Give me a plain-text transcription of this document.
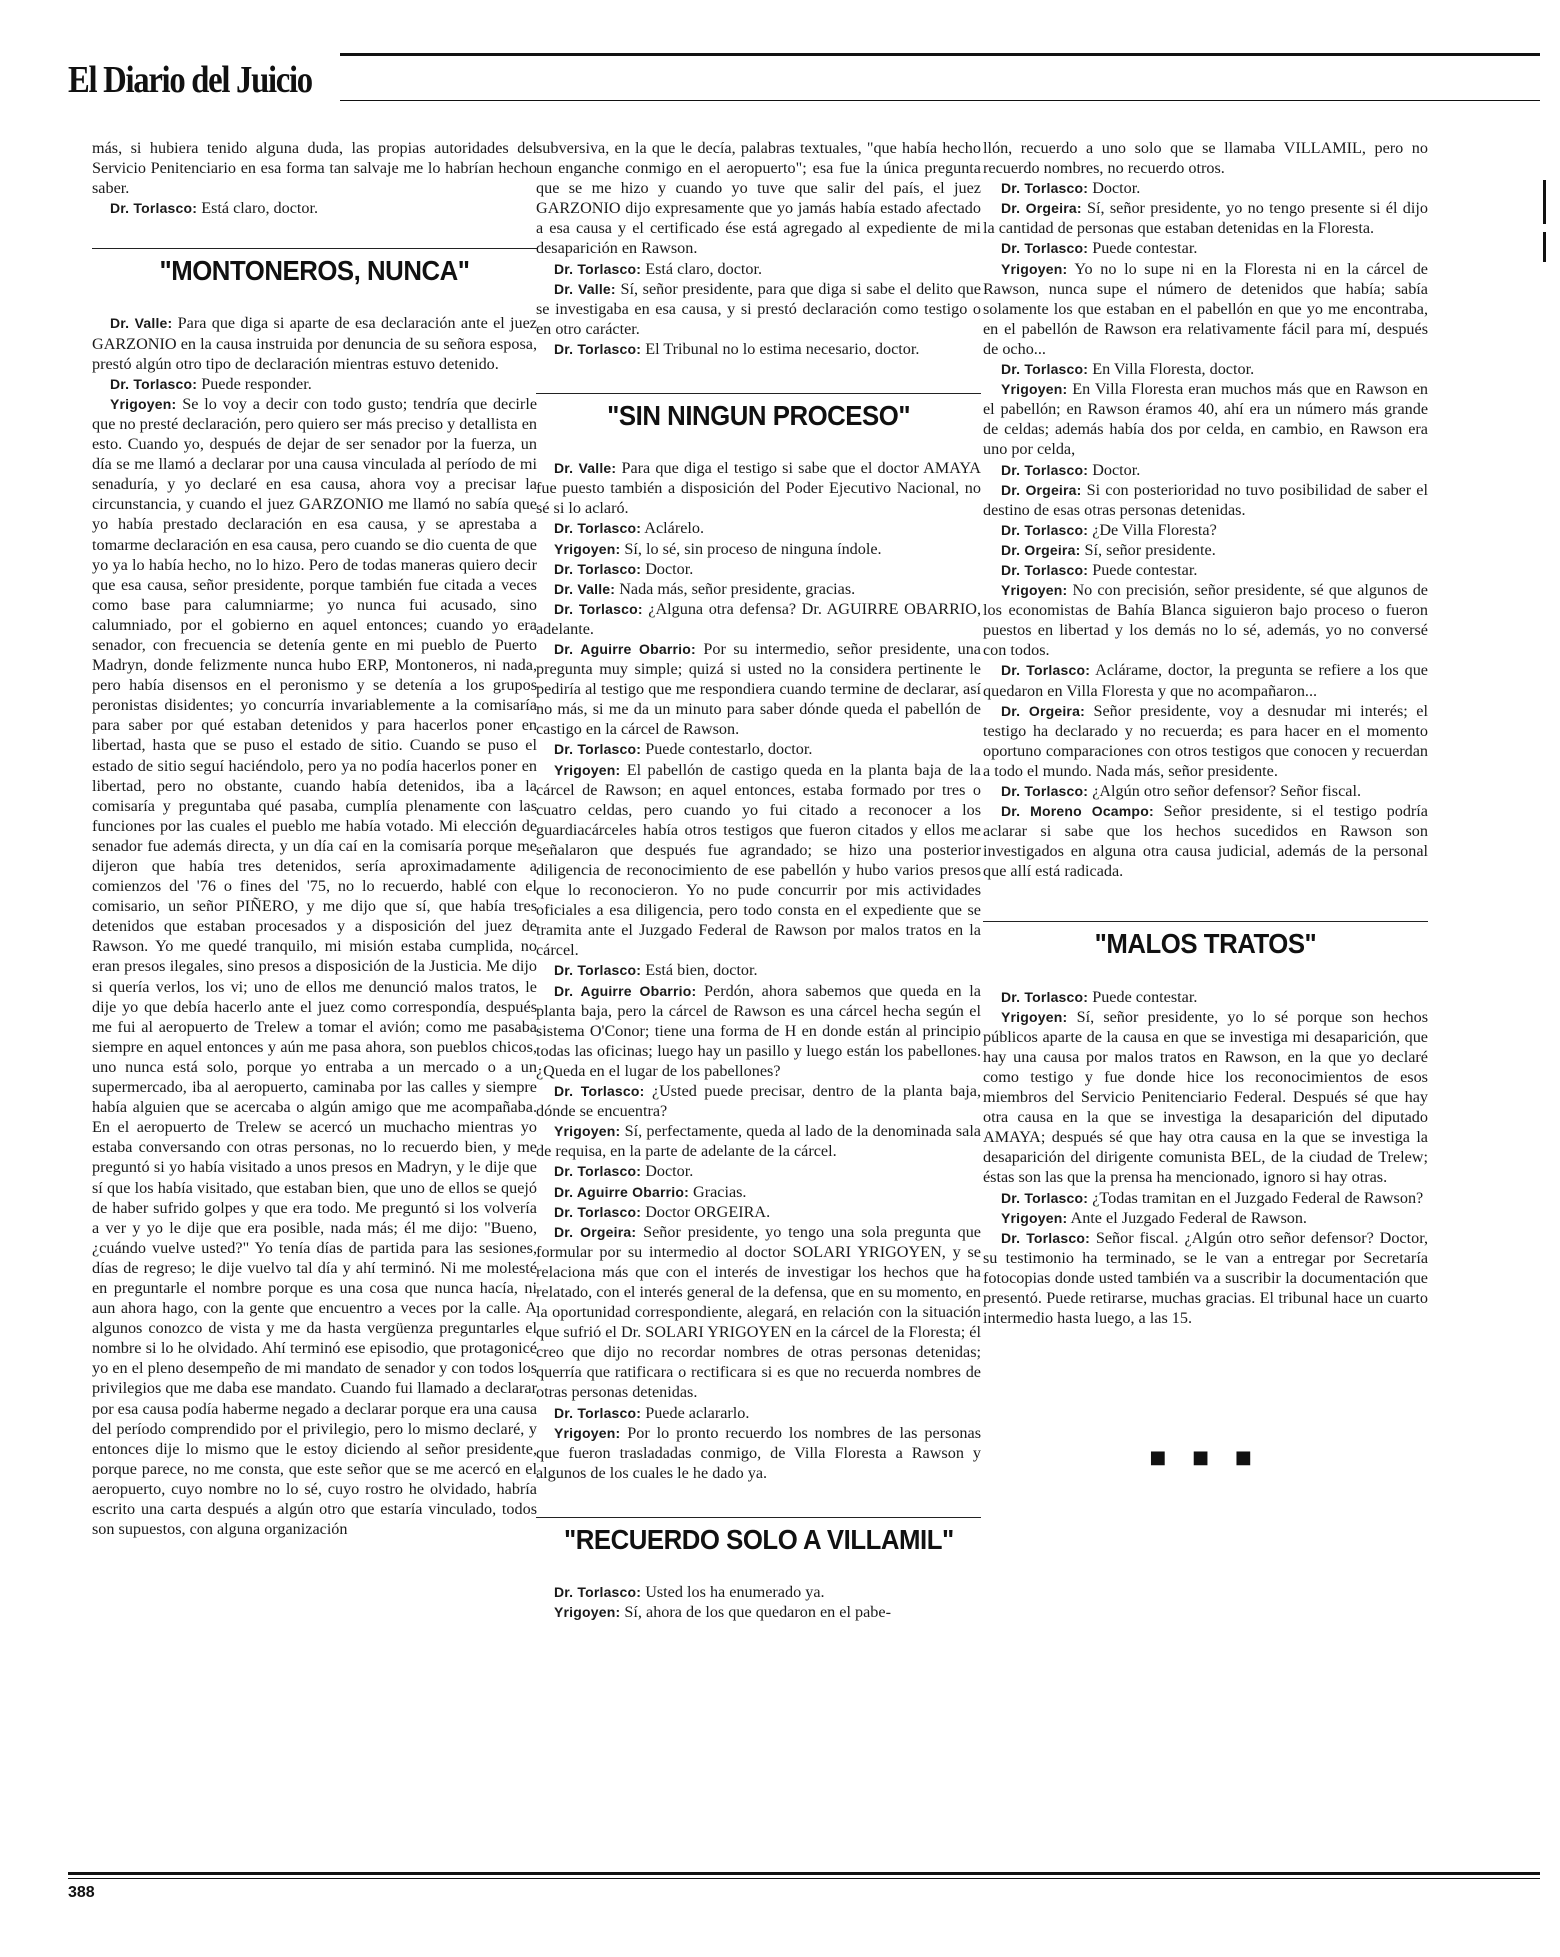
El Diario del Juicio

más, si hubiera tenido alguna duda, las propias autoridades del Servicio Penitenciario en esa forma tan salvaje me lo habrían hecho saber.

Dr. Torlasco: Está claro, doctor.

"MONTONEROS, NUNCA"

Dr. Valle: Para que diga si aparte de esa declaración ante el juez GARZONIO en la causa instruida por denuncia de su señora esposa, prestó algún otro tipo de declaración mientras estuvo detenido.

Dr. Torlasco: Puede responder.

Yrigoyen: Se lo voy a decir con todo gusto; tendría que decirle que no presté declaración, pero quiero ser más preciso y detallista en esto. Cuando yo, después de dejar de ser senador por la fuerza, un día se me llamó a declarar por una causa vinculada al período de mi senaduría, y yo declaré en esa causa, ahora voy a precisar la circunstancia, y cuando el juez GARZONIO me llamó no sabía que yo había prestado declaración en esa causa, y se aprestaba a tomarme declaración en esa causa, pero cuando se dio cuenta de que yo ya lo había hecho, no lo hizo. Pero de todas maneras quiero decir que esa causa, señor presidente, porque también fue citada a veces como base para calumniarme; yo nunca fui acusado, sino calumniado, por el gobierno en aquel entonces; cuando yo era senador, con frecuencia se detenía gente en mi pueblo de Puerto Madryn, donde felizmente nunca hubo ERP, Montoneros, ni nada, pero había disensos en el peronismo y se detenía a los grupos peronistas disidentes; yo concurría invariablemente a la comisaría para saber por qué estaban detenidos y para hacerlos poner en libertad, hasta que se puso el estado de sitio. Cuando se puso el estado de sitio seguí haciéndolo, pero ya no podía hacerlos poner en libertad, pero no obstante, cuando había detenidos, iba a la comisaría y preguntaba qué pasaba, cumplía plenamente con las funciones por las cuales el pueblo me había votado. Mi elección de senador fue además directa, y un día caí en la comisaría porque me dijeron que había tres detenidos, sería aproximadamente a comienzos del '76 o fines del '75, no lo recuerdo, hablé con el comisario, un señor PIÑERO, y me dijo que sí, que había tres detenidos que estaban procesados y a disposición del juez de Rawson. Yo me quedé tranquilo, mi misión estaba cumplida, no eran presos ilegales, sino presos a disposición de la Justicia. Me dijo si quería verlos, los vi; uno de ellos me denunció malos tratos, le dije yo que debía hacerlo ante el juez como correspondía, después me fui al aeropuerto de Trelew a tomar el avión; como me pasaba siempre en aquel entonces y aún me pasa ahora, son pueblos chicos, uno nunca está solo, porque yo entraba a un mercado o a un supermercado, iba al aeropuerto, caminaba por las calles y siempre había alguien que se acercaba o algún amigo que me acompañaba. En el aeropuerto de Trelew se acercó un muchacho mientras yo estaba conversando con otras personas, no lo recuerdo bien, y me preguntó si yo había visitado a unos presos en Madryn, y le dije que sí que los había visitado, que estaban bien, que uno de ellos se quejó de haber sufrido golpes y que era todo. Me preguntó si los volvería a ver y yo le dije que era posible, nada más; él me dijo: "Bueno, ¿cuándo vuelve usted?" Yo tenía días de partida para las sesiones, días de regreso; le dije vuelvo tal día y ahí terminó. Ni me molesté en preguntarle el nombre porque es una cosa que nunca hacía, ni aun ahora hago, con la gente que encuentro a veces por la calle. A algunos conozco de vista y me da hasta vergüenza preguntarles el nombre si lo he olvidado. Ahí terminó ese episodio, que protagonicé yo en el pleno desempeño de mi mandato de senador y con todos los privilegios que me daba ese mandato. Cuando fui llamado a declarar por esa causa podía haberme negado a declarar porque era una causa del período comprendido por el privilegio, pero lo mismo declaré, y entonces dije lo mismo que le estoy diciendo al señor presidente, porque parece, no me consta, que este señor que se me acercó en el aeropuerto, cuyo nombre no lo sé, cuyo rostro he olvidado, habría escrito una carta después a algún otro que estaría vinculado, todos son supuestos, con alguna organización

subversiva, en la que le decía, palabras textuales, "que había hecho un enganche conmigo en el aeropuerto"; esa fue la única pregunta que se me hizo y cuando yo tuve que salir del país, el juez GARZONIO dijo expresamente que yo jamás había estado afectado a esa causa y el certificado ése está agregado al expediente de mi desaparición en Rawson.

Dr. Torlasco: Está claro, doctor.

Dr. Valle: Sí, señor presidente, para que diga si sabe el delito que se investigaba en esa causa, y si prestó declaración como testigo o en otro carácter.

Dr. Torlasco: El Tribunal no lo estima necesario, doctor.

"SIN NINGUN PROCESO"

Dr. Valle: Para que diga el testigo si sabe que el doctor AMAYA fue puesto también a disposición del Poder Ejecutivo Nacional, no sé si lo aclaró.

Dr. Torlasco: Aclárelo.

Yrigoyen: Sí, lo sé, sin proceso de ninguna índole.

Dr. Torlasco: Doctor.

Dr. Valle: Nada más, señor presidente, gracias.

Dr. Torlasco: ¿Alguna otra defensa? Dr. AGUIRRE OBARRIO, adelante.

Dr. Aguirre Obarrio: Por su intermedio, señor presidente, una pregunta muy simple; quizá si usted no la considera pertinente le pediría al testigo que me respondiera cuando termine de declarar, así no más, si me da un minuto para saber dónde queda el pabellón de castigo en la cárcel de Rawson.

Dr. Torlasco: Puede contestarlo, doctor.

Yrigoyen: El pabellón de castigo queda en la planta baja de la cárcel de Rawson; en aquel entonces, estaba formado por tres o cuatro celdas, pero cuando yo fui citado a reconocer a los guardiacárceles había otros testigos que fueron citados y ellos me señalaron que después fue agrandado; se hizo una posterior diligencia de reconocimiento de ese pabellón y hubo varios presos que lo reconocieron. Yo no pude concurrir por mis actividades oficiales a esa diligencia, pero todo consta en el expediente que se tramita ante el Juzgado Federal de Rawson por malos tratos en la cárcel.

Dr. Torlasco: Está bien, doctor.

Dr. Aguirre Obarrio: Perdón, ahora sabemos que queda en la planta baja, pero la cárcel de Rawson es una cárcel hecha según el sistema O'Conor; tiene una forma de H en donde están al principio todas las oficinas; luego hay un pasillo y luego están los pabellones. ¿Queda en el lugar de los pabellones?

Dr. Torlasco: ¿Usted puede precisar, dentro de la planta baja, dónde se encuentra?

Yrigoyen: Sí, perfectamente, queda al lado de la denominada sala de requisa, en la parte de adelante de la cárcel.

Dr. Torlasco: Doctor.

Dr. Aguirre Obarrio: Gracias.

Dr. Torlasco: Doctor ORGEIRA.

Dr. Orgeira: Señor presidente, yo tengo una sola pregunta que formular por su intermedio al doctor SOLARI YRIGOYEN, y se relaciona más que con el interés de investigar los hechos que ha relatado, con el interés general de la defensa, que en su momento, en la oportunidad correspondiente, alegará, en relación con la situación que sufrió el Dr. SOLARI YRIGOYEN en la cárcel de la Floresta; él creo que dijo no recordar nombres de otras personas detenidas; querría que ratificara o rectificara si es que no recuerda nombres de otras personas detenidas.

Dr. Torlasco: Puede aclararlo.

Yrigoyen: Por lo pronto recuerdo los nombres de las personas que fueron trasladadas conmigo, de Villa Floresta a Rawson y algunos de los cuales le he dado ya.

"RECUERDO SOLO A VILLAMIL"

Dr. Torlasco: Usted los ha enumerado ya.

Yrigoyen: Sí, ahora de los que quedaron en el pabe-

llón, recuerdo a uno solo que se llamaba VILLAMIL, pero no recuerdo nombres, no recuerdo otros.

Dr. Torlasco: Doctor.

Dr. Orgeira: Sí, señor presidente, yo no tengo presente si él dijo la cantidad de personas que estaban detenidas en la Floresta.

Dr. Torlasco: Puede contestar.

Yrigoyen: Yo no lo supe ni en la Floresta ni en la cárcel de Rawson, nunca supe el número de detenidos que había; sabía solamente los que estaban en el pabellón en que yo me encontraba, en el pabellón de Rawson era relativamente fácil para mí, después de ocho...

Dr. Torlasco: En Villa Floresta, doctor.

Yrigoyen: En Villa Floresta eran muchos más que en Rawson en el pabellón; en Rawson éramos 40, ahí era un número más grande de celdas; además había dos por celda, en cambio, en Rawson era uno por celda,

Dr. Torlasco: Doctor.

Dr. Orgeira: Si con posterioridad no tuvo posibilidad de saber el destino de esas otras personas detenidas.

Dr. Torlasco: ¿De Villa Floresta?

Dr. Orgeira: Sí, señor presidente.

Dr. Torlasco: Puede contestar.

Yrigoyen: No con precisión, señor presidente, sé que algunos de los economistas de Bahía Blanca siguieron bajo proceso o fueron puestos en libertad y los demás no lo sé, además, yo no conversé con todos.

Dr. Torlasco: Aclárame, doctor, la pregunta se refiere a los que quedaron en Villa Floresta y que no acompañaron...

Dr. Orgeira: Señor presidente, voy a desnudar mi interés; el testigo ha declarado y no recuerda; es para hacer en el momento oportuno comparaciones con otros testigos que conocen y recuerdan a todo el mundo. Nada más, señor presidente.

Dr. Torlasco: ¿Algún otro señor defensor? Señor fiscal.

Dr. Moreno Ocampo: Señor presidente, si el testigo podría aclarar si sabe que los hechos sucedidos en Rawson son investigados en alguna otra causa judicial, además de la personal que allí está radicada.

"MALOS TRATOS"

Dr. Torlasco: Puede contestar.

Yrigoyen: Sí, señor presidente, yo lo sé porque son hechos públicos aparte de la causa en que se investiga mi desaparición, que hay una causa por malos tratos en Rawson, en la que yo declaré como testigo y fue donde hice los reconocimientos de esos miembros del Servicio Penitenciario Federal. Después sé que hay otra causa en la que se investiga la desaparición del diputado AMAYA; después sé que hay otra causa en la que se investiga la desaparición del dirigente comunista BEL, de la ciudad de Trelew; éstas son las que la prensa ha mencionado, ignoro si hay otras.

Dr. Torlasco: ¿Todas tramitan en el Juzgado Federal de Rawson?

Yrigoyen: Ante el Juzgado Federal de Rawson.

Dr. Torlasco: Señor fiscal. ¿Algún otro señor defensor? Doctor, su testimonio ha terminado, se le van a entregar por Secretaría fotocopias donde usted también va a suscribir la documentación que presentó. Puede retirarse, muchas gracias. El tribunal hace un cuarto intermedio hasta luego, a las 15.

■ ■ ■
388
